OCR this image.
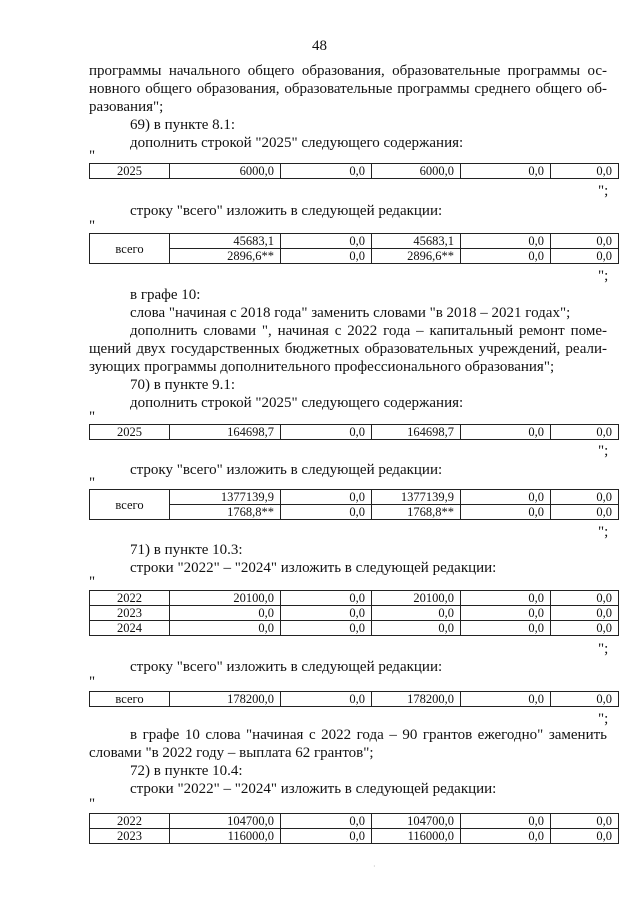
48

программы начального общего образования, образовательные программы ос-

новного общего образования, образовательные программы среднего общего об-

разования";

69) в пункте 8.1:

дополнить строкой "2025" следующего содержания:

"
2025	6000,0	0,0	6000,0	0,0	0,0
";

строку "всего" изложить в следующей редакции:

"
всего	45683,1	0,0	45683,1	0,0	0,0
	2896,6**	0,0	2896,6**	0,0	0,0
";

в графе 10:

слова "начиная с 2018 года" заменить словами "в 2018 – 2021 годах";

дополнить словами ", начиная с 2022 года – капитальный ремонт поме-

щений двух государственных бюджетных образовательных учреждений, реали-

зующих программы дополнительного профессионального образования";

70) в пункте 9.1:

дополнить строкой "2025" следующего содержания:

"
2025	164698,7	0,0	164698,7	0,0	0,0
";

строку "всего" изложить в следующей редакции:

"
всего	1377139,9	0,0	1377139,9	0,0	0,0
	1768,8**	0,0	1768,8**	0,0	0,0
";

71) в пункте 10.3:

строки "2022" – "2024" изложить в следующей редакции:

"
2022	20100,0	0,0	20100,0	0,0	0,0
2023	0,0	0,0	0,0	0,0	0,0
2024	0,0	0,0	0,0	0,0	0,0
";

строку "всего" изложить в следующей редакции:

"
всего	178200,0	0,0	178200,0	0,0	0,0
";

в графе 10 слова "начиная с 2022 года – 90 грантов ежегодно" заменить

словами "в 2022 году – выплата 62 грантов";

72) в пункте 10.4:

строки "2022" – "2024" изложить в следующей редакции:

"
2022	104700,0	0,0	104700,0	0,0	0,0
2023	116000,0	0,0	116000,0	0,0	0,0
·
